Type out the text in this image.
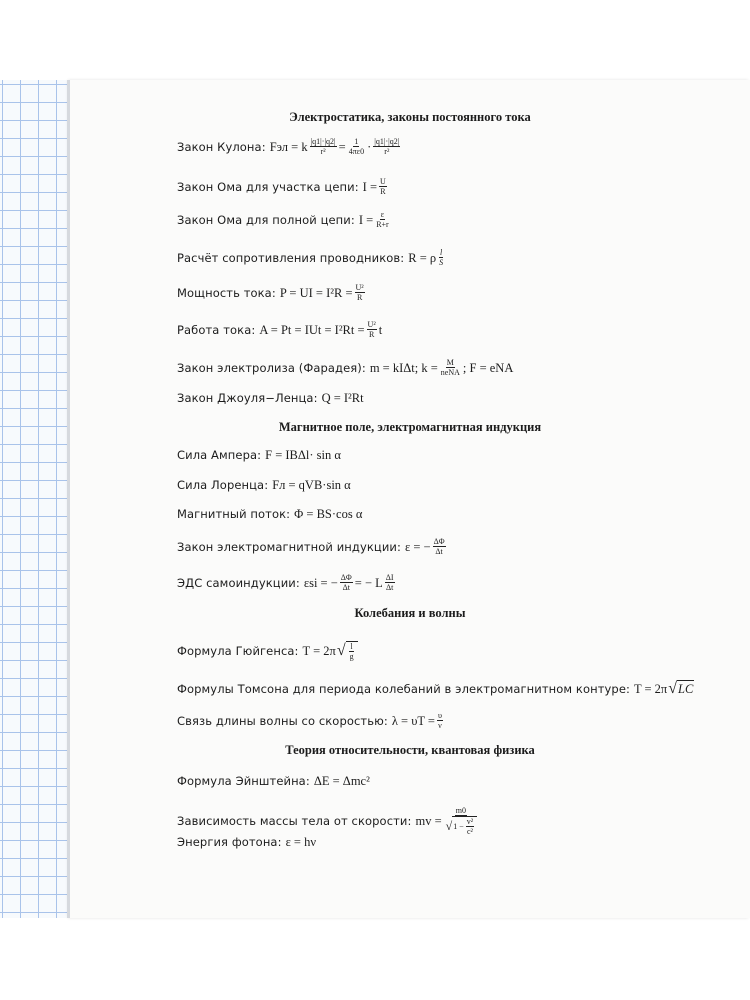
Электростатика, законы постоянного тока
Закон Кулона: Fэл = k $\frac{|q1|\cdot|q2|}{\text{r²}} = \frac{1}{4\pi\varepsilon 0} \cdot \frac{|q1|\cdot|q2|}{\text{r²}}$
Закон Ома для участка цепи: $I = \frac{U}{R}$
Закон Ома для полной цепи: $I = \frac{\varepsilon}{R+r}$
Расчёт сопротивления проводников: R = ρ $\frac{l}{S}$
Мощность тока: P = UI = $I^2R = \frac{\text{U²}}{R}$
Работа тока: A = Pt = IUt = $I^2Rt = \frac{\text{U²}}{R}$ t
Закон электролиза (Фарадея): m = kIΔt; $k = \frac{M}{\text{neNA}}$ ; F = eNA
Закон Джоуля−Ленца: Q = I²Rt
Магнитное поле, электромагнитная индукция
Сила Ампера: F = IBΔl· sin α
Сила Лоренца: Fл = qVB·sin α
Магнитный поток: Φ = BS·cos α
Закон электромагнитной индукции: ε = − $\frac{\Delta\Phi}{\Delta t}$
ЭДС самоиндукции: εsi = − $\frac{\Delta\Phi}{\Delta t}$ = − L $\frac{\Delta I}{\Delta t}$
Колебания и волны
Формула Гюйгенса: T = 2π √ $\frac{l}{g}$
Формулы Томсона для периода колебаний в электромагнитном контуре: T = 2π √ LC
Связь длины волны со скоростью: $\lambda = \upsilon T = \frac{\upsilon}{\nu}$
Теория относительности, квантовая физика
Формула Эйнштейна: ΔE = Δmc²
Зависимость массы тела от скорости: mv = $\frac{m0}{√ 1 - \frac{\text{v²}}{\text{c²}}}$
Энергия фотона: ε = hν
